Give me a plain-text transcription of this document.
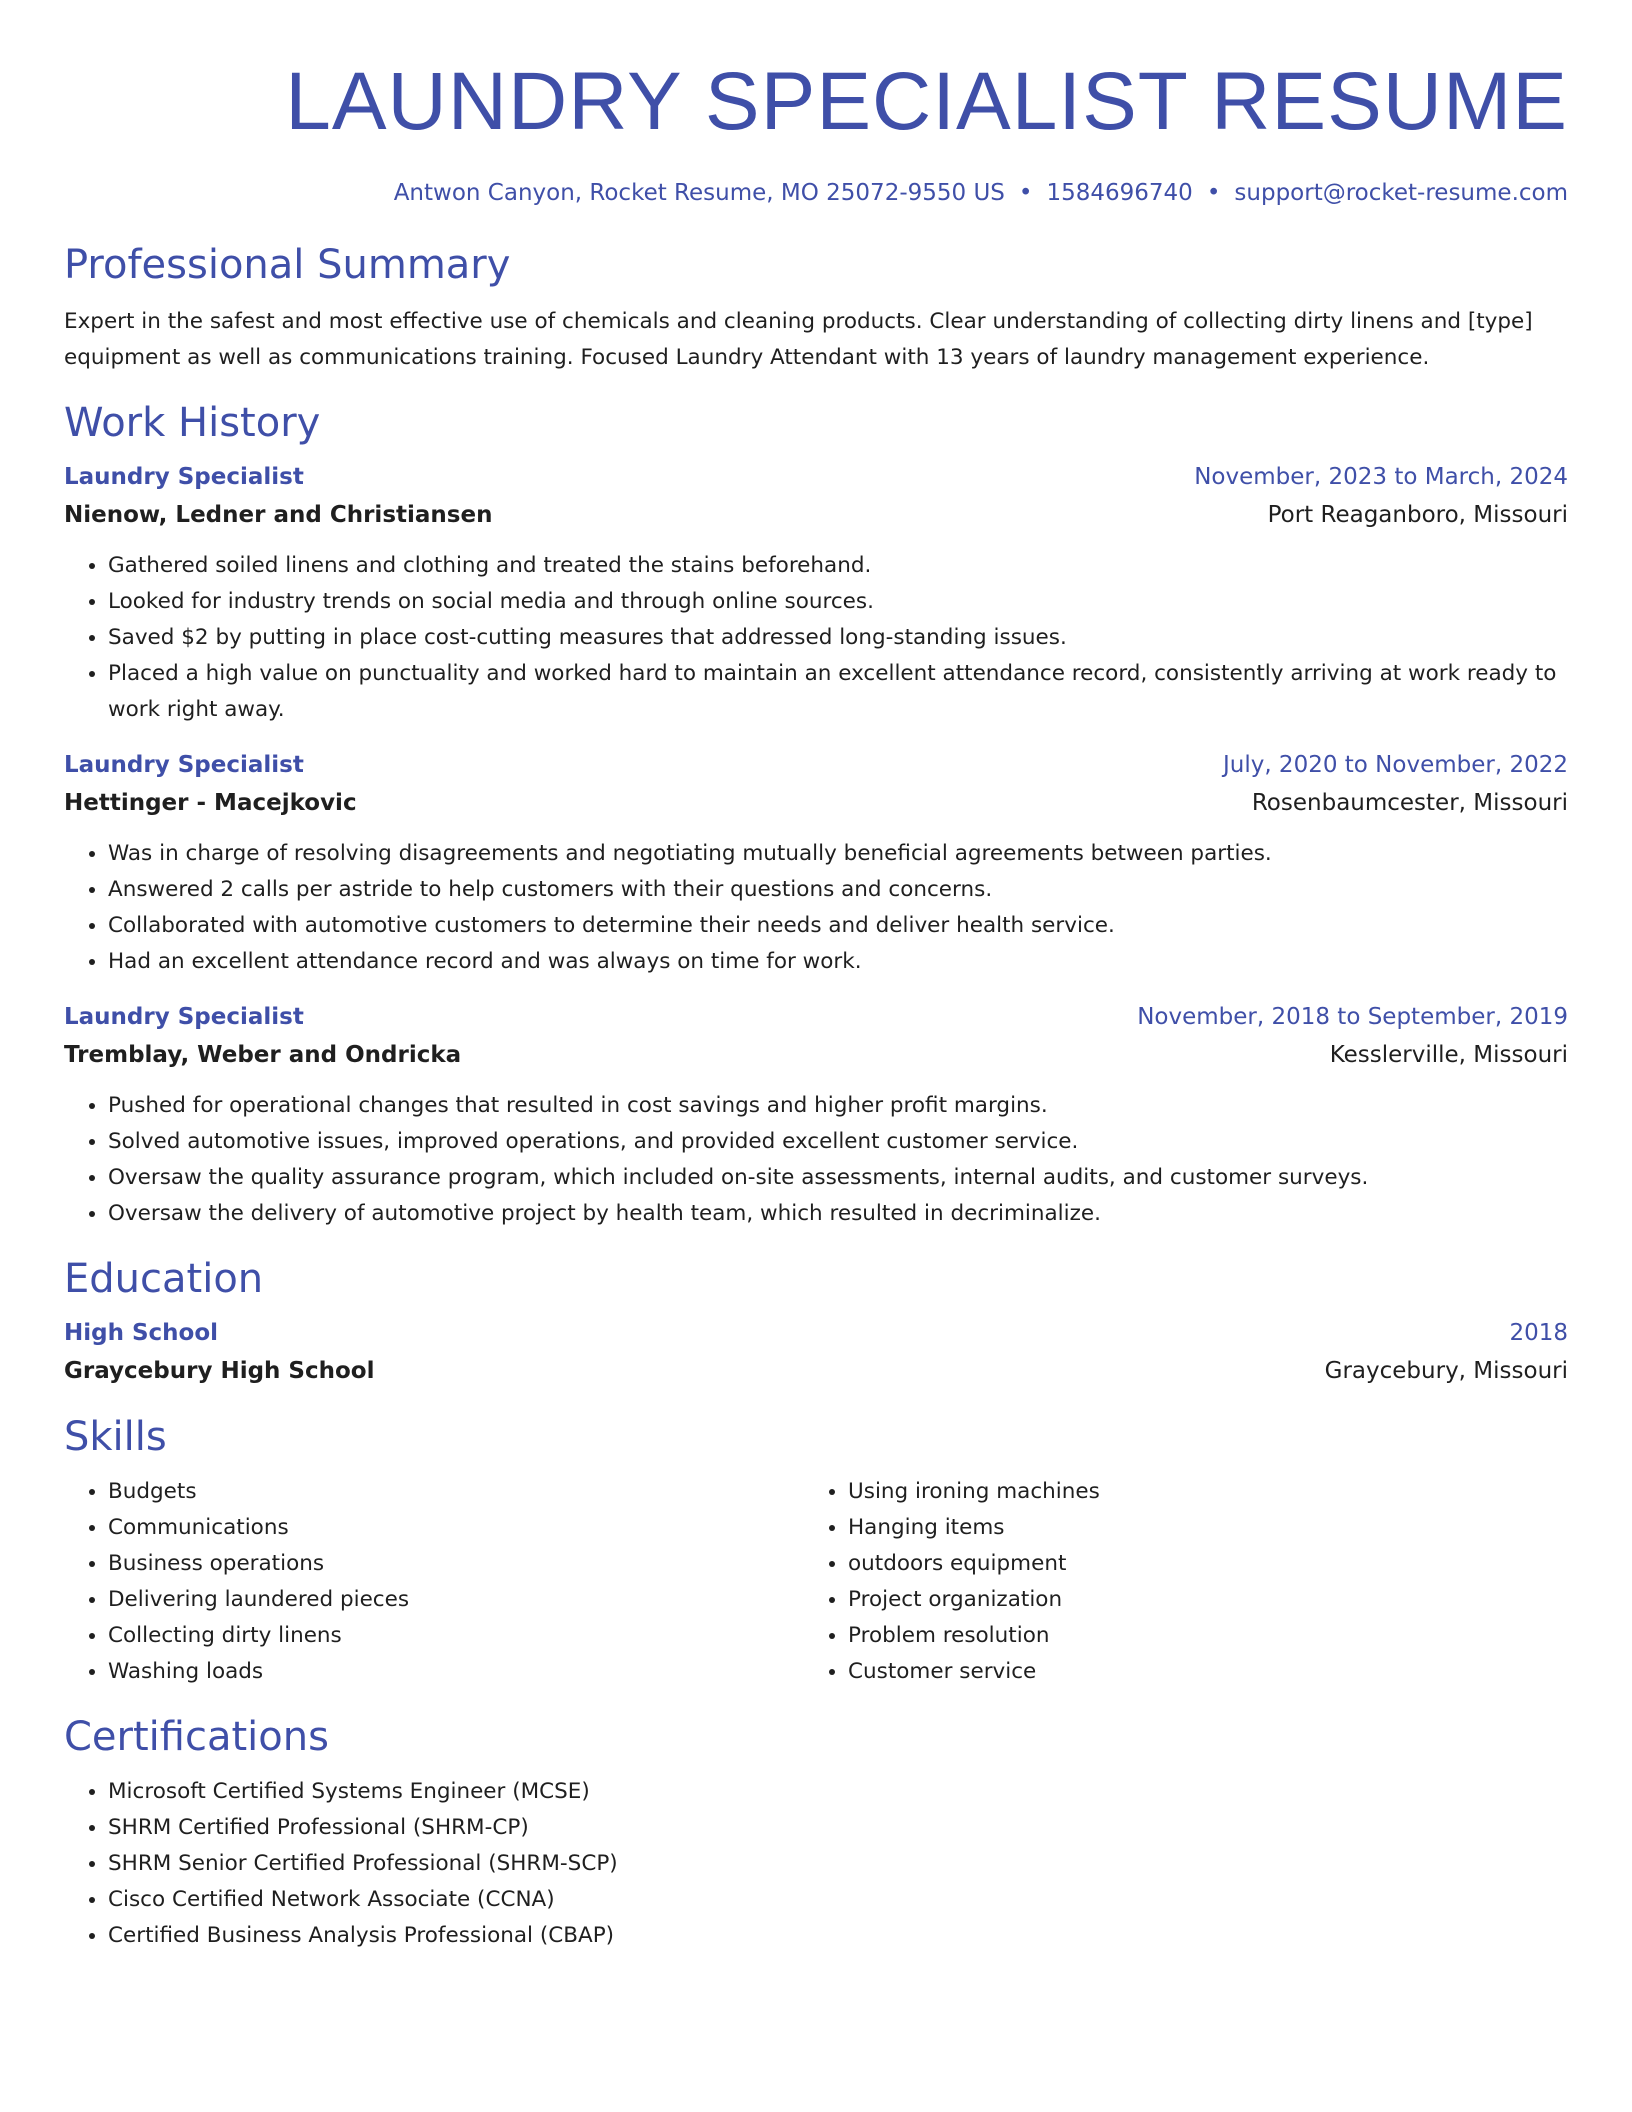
LAUNDRY SPECIALIST RESUME
Antwon Canyon, Rocket Resume, MO 25072-9550 US • 1584696740 • support@rocket-resume.com
Professional Summary
Expert in the safest and most effective use of chemicals and cleaning products. Clear understanding of collecting dirty linens and [type] equipment as well as communications training. Focused Laundry Attendant with 13 years of laundry management experience.
Work History
Laundry Specialist	November, 2023 to March, 2024
Nienow, Ledner and Christiansen	Port Reaganboro, Missouri
• Gathered soiled linens and clothing and treated the stains beforehand.
• Looked for industry trends on social media and through online sources.
• Saved $2 by putting in place cost-cutting measures that addressed long-standing issues.
• Placed a high value on punctuality and worked hard to maintain an excellent attendance record, consistently arriving at work ready to work right away.
Laundry Specialist	July, 2020 to November, 2022
Hettinger - Macejkovic	Rosenbaumcester, Missouri
• Was in charge of resolving disagreements and negotiating mutually beneficial agreements between parties.
• Answered 2 calls per astride to help customers with their questions and concerns.
• Collaborated with automotive customers to determine their needs and deliver health service.
• Had an excellent attendance record and was always on time for work.
Laundry Specialist	November, 2018 to September, 2019
Tremblay, Weber and Ondricka	Kesslerville, Missouri
• Pushed for operational changes that resulted in cost savings and higher profit margins.
• Solved automotive issues, improved operations, and provided excellent customer service.
• Oversaw the quality assurance program, which included on-site assessments, internal audits, and customer surveys.
• Oversaw the delivery of automotive project by health team, which resulted in decriminalize.
Education
High School	2018
Graycebury High School	Graycebury, Missouri
Skills
• Budgets
• Communications
• Business operations
• Delivering laundered pieces
• Collecting dirty linens
• Washing loads
• Using ironing machines
• Hanging items
• outdoors equipment
• Project organization
• Problem resolution
• Customer service
Certifications
• Microsoft Certified Systems Engineer (MCSE)
• SHRM Certified Professional (SHRM-CP)
• SHRM Senior Certified Professional (SHRM-SCP)
• Cisco Certified Network Associate (CCNA)
• Certified Business Analysis Professional (CBAP)
